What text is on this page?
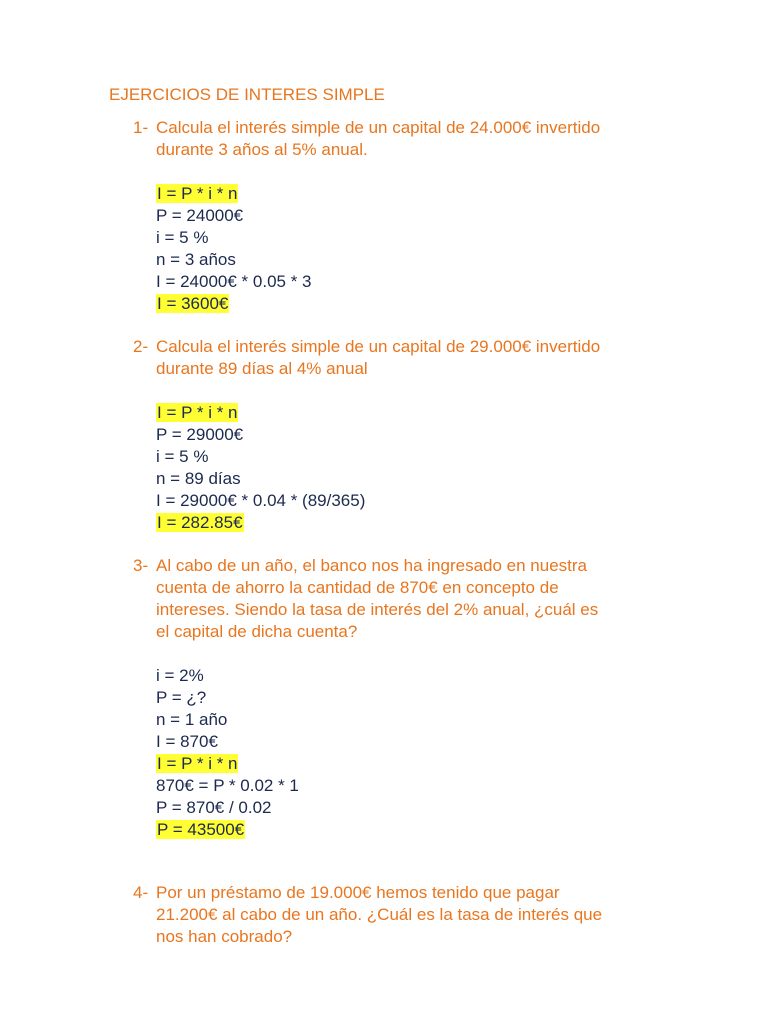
EJERCICIOS DE INTERES SIMPLE
1- Calcula el interés simple de un capital de 24.000€ invertido
durante 3 años al 5% anual.
I = P * i * n
P = 24000€
i = 5 %
n = 3 años
I = 24000€ * 0.05 * 3
I = 3600€
2- Calcula el interés simple de un capital de 29.000€ invertido
durante 89 días al 4% anual
I = P * i * n
P = 29000€
i = 5 %
n = 89 días
I = 29000€ * 0.04 * (89/365)
I = 282.85€
3- Al cabo de un año, el banco nos ha ingresado en nuestra
cuenta de ahorro la cantidad de 870€ en concepto de
intereses. Siendo la tasa de interés del 2% anual, ¿cuál es
el capital de dicha cuenta?
i = 2%
P = ¿?
n = 1 año
I = 870€
I = P * i * n
870€ = P * 0.02 * 1
P = 870€ / 0.02
P = 43500€
4- Por un préstamo de 19.000€ hemos tenido que pagar
21.200€ al cabo de un año. ¿Cuál es la tasa de interés que
nos han cobrado?
